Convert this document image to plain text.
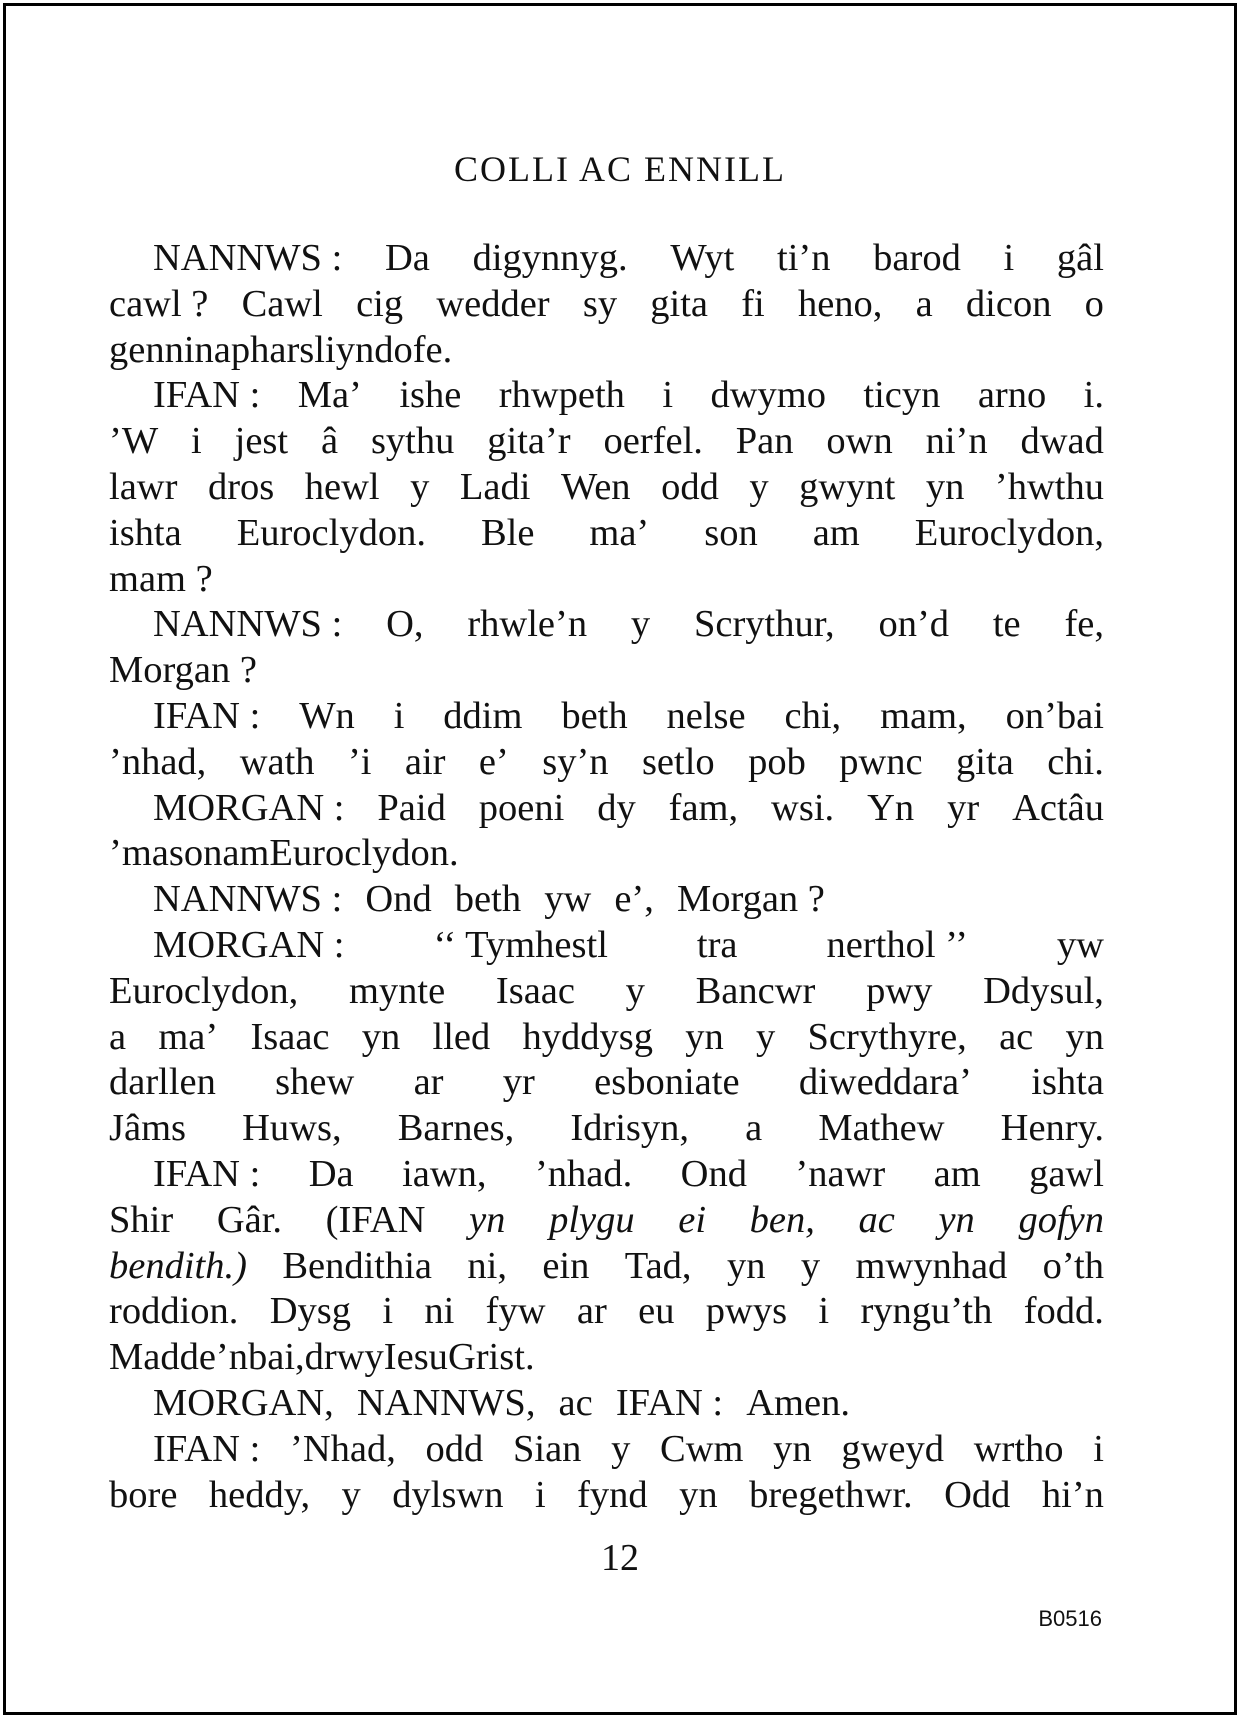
COLLI AC ENNILL
NANNWS : Da digynnyg. Wyt ti’n barod i gâl
cawl ? Cawl cig wedder sy gita fi heno, a dicon o
gennin a pharsli yndo fe.
IFAN : Ma’ ishe rhwpeth i dwymo ticyn arno i.
’W i jest â sythu gita’r oerfel. Pan own ni’n dwad
lawr dros hewl y Ladi Wen odd y gwynt yn ’hwthu
ishta Euroclydon. Ble ma’ son am Euroclydon,
mam ?
NANNWS : O, rhwle’n y Scrythur, on’d te fe,
Morgan ?
IFAN : Wn i ddim beth nelse chi, mam, on’bai
’nhad, wath ’i air e’ sy’n setlo pob pwnc gita chi.
MORGAN : Paid poeni dy fam, wsi. Yn yr Actâu
’ma son am Euroclydon.
NANNWS : Ond beth yw e’, Morgan ?
MORGAN : ‘‘ Tymhestl tra nerthol ’’ yw
Euroclydon, mynte Isaac y Bancwr pwy Ddysul,
a ma’ Isaac yn lled hyddysg yn y Scrythyre, ac yn
darllen shew ar yr esboniate diweddara’ ishta
Jâms Huws, Barnes, Idrisyn, a Mathew Henry.
IFAN : Da iawn, ’nhad. Ond ’nawr am gawl
Shir Gâr. (IFAN yn plygu ei ben, ac yn gofyn
bendith.) Bendithia ni, ein Tad, yn y mwynhad o’th
roddion. Dysg i ni fyw ar eu pwys i ryngu’th fodd.
Madde’n bai, drwy Iesu Grist.
MORGAN, NANNWS, ac IFAN : Amen.
IFAN : ’Nhad, odd Sian y Cwm yn gweyd wrtho i
bore heddy, y dylswn i fynd yn bregethwr. Odd hi’n
12
B0516
